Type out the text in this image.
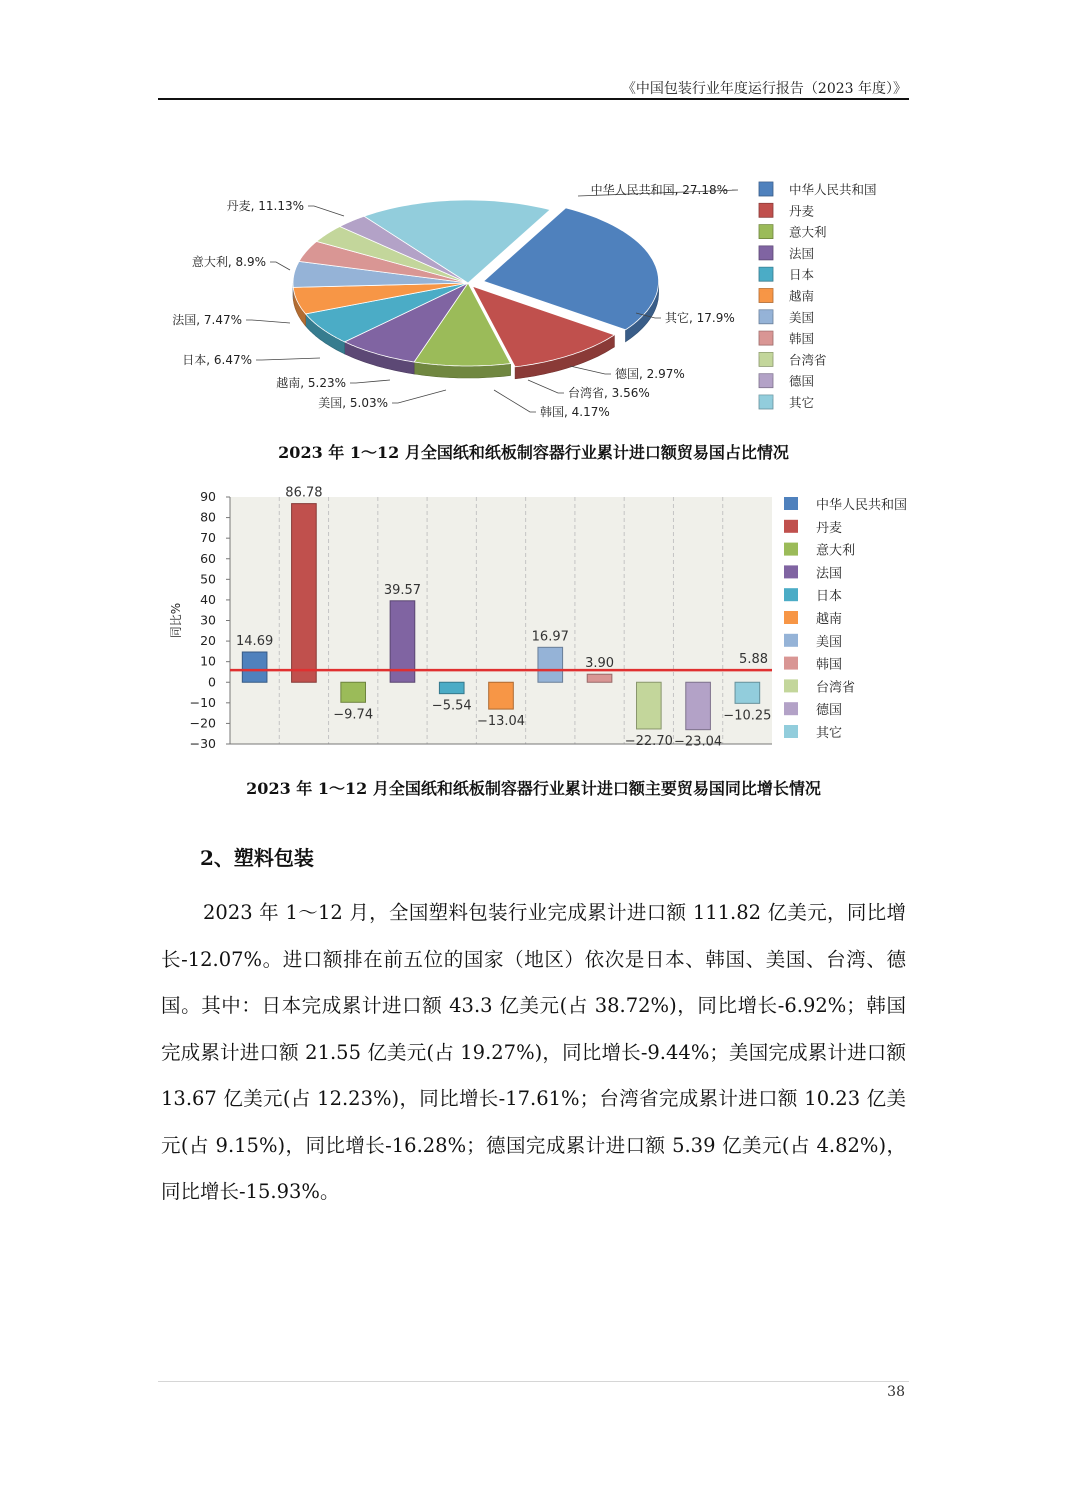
《中国包装行业年度运行报告（2023 年度）》
中华人民共和国, 27.18%
丹麦, 11.13%
意大利, 8.9%
法国, 7.47%
日本, 6.47%
越南, 5.23%
美国, 5.03%
韩国, 4.17%
台湾省, 3.56%
德国, 2.97%
其它, 17.9%
中华人民共和国
丹麦
意大利
法国
日本
越南
美国
韩国
台湾省
德国
其它
2023 年 1～12 月全国纸和纸板制容器行业累计进口额贸易国占比情况
90
80
70
60
50
40
30
20
10
0
−10
−20
−30
同比%
14.69
86.78
−9.74
39.57
−5.54
−13.04
16.97
3.90
−22.70 −23.04
−10.25
5.88
中华人民共和国
丹麦
意大利
法国
日本
越南
美国
韩国
台湾省
德国
其它
2023 年 1～12 月全国纸和纸板制容器行业累计进口额主要贸易国同比增长情况
2、塑料包装
2023 年 1～12 月，全国塑料包装行业完成累计进口额 111.82 亿美元，同比增长-12.07%。进口额排在前五位的国家（地区）依次是日本、韩国、美国、台湾、德国。其中：日本完成累计进口额 43.3 亿美元(占 38.72%)，同比增长-6.92%；韩国完成累计进口额 21.55 亿美元(占 19.27%)，同比增长-9.44%；美国完成累计进口额 13.67 亿美元(占 12.23%)，同比增长-17.61%；台湾省完成累计进口额 10.23 亿美元(占 9.15%)，同比增长-16.28%；德国完成累计进口额 5.39 亿美元(占 4.82%)，同比增长-15.93%。
38
